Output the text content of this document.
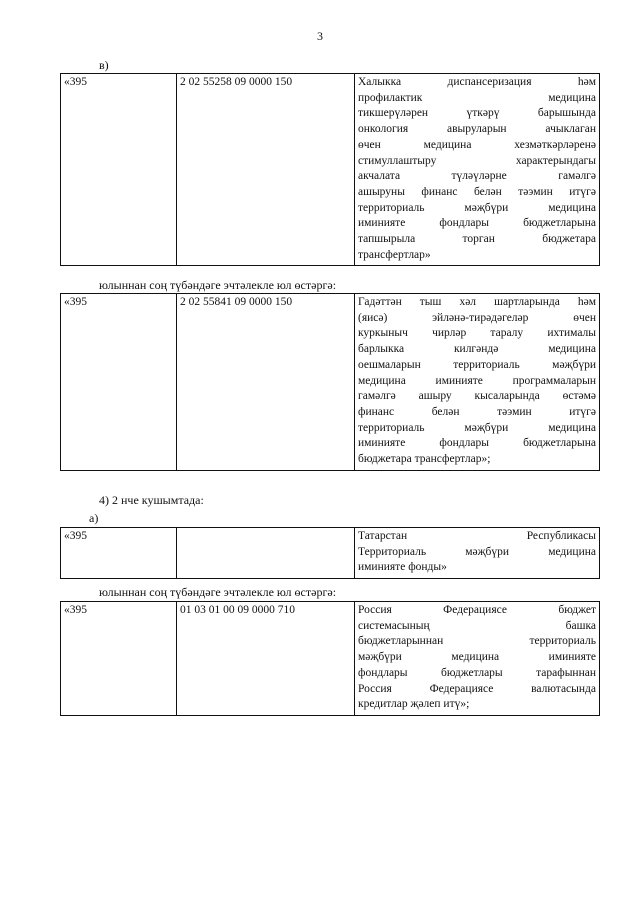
3
в)
«395	2 02 55258 09 0000 150	Халыкка диспансеризация һәм
профилактик медицина
тикшерүләрен үткәрү барышында
онкология авыруларын ачыклаган
өчен медицина хезмәткәрләренә
стимуллаштыру характерындагы
акчалата түләүләрне гамәлгә
ашыруны финанс белән тәэмин итүгә
территориаль мәҗбүри медицина
иминияте фондлары бюджетларына
тапшырыла торган бюджетара
трансфертлар»
юлыннан соң түбәндәге эчтәлекле юл өстәргә:
«395	2 02 55841 09 0000 150	Гадәттән тыш хәл шартларында һәм
(яисә) эйләнә-тирәдәгеләр өчен
куркыныч чирләр таралу ихтималы
барлыкка килгәндә медицина
оешмаларын территориаль мәҗбүри
медицина иминияте программаларын
гамәлгә ашыру кысаларында өстәмә
финанс белән тәэмин итүгә
территориаль мәҗбүри медицина
иминияте фондлары бюджетларына
бюджетара трансфертлар»;
4) 2 нче кушымтада:
а)
«395		Татарстан Республикасы
Территориаль мәҗбүри медицина
иминияте фонды»
юлыннан соң түбәндәге эчтәлекле юл өстәргә:
«395	01 03 01 00 09 0000 710	Россия Федерациясе бюджет
системасының башка
бюджетларыннан территориаль
мәҗбүри медицина иминияте
фондлары бюджетлары тарафыннан
Россия Федерациясе валютасында
кредитлар җәлеп итү»;
